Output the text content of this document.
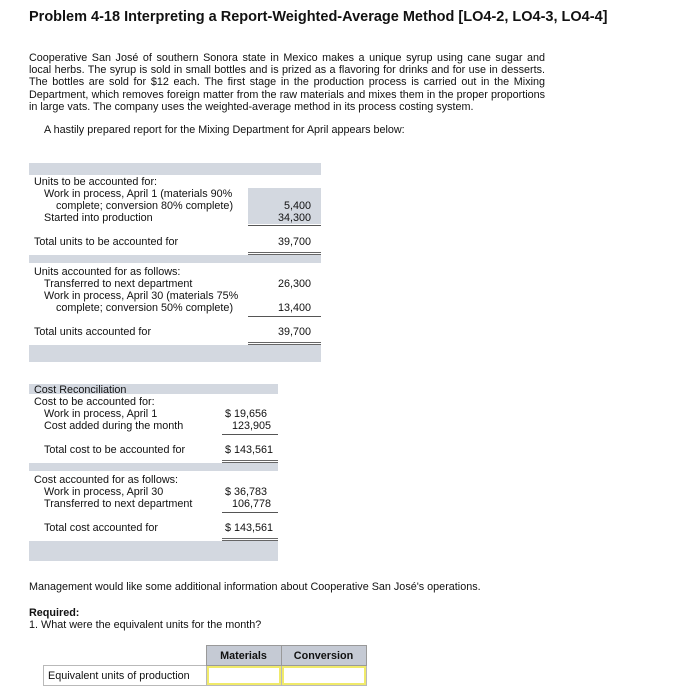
Problem 4-18 Interpreting a Report-Weighted-Average Method [LO4-2, LO4-3, LO4-4]
Cooperative San José of southern Sonora state in Mexico makes a unique syrup using cane sugar and local herbs. The syrup is sold in small bottles and is prized as a flavoring for drinks and for use in desserts. The bottles are sold for $12 each. The first stage in the production process is carried out in the Mixing Department, which removes foreign matter from the raw materials and mixes them in the proper proportions in large vats. The company uses the weighted-average method in its process costing system.
A hastily prepared report for the Mixing Department for April appears below:
Units to be accounted for:
Work in process, April 1 (materials 90%
complete; conversion 80% complete)	5,400
Started into production	34,300
Total units to be accounted for	39,700
Units accounted for as follows:
Transferred to next department	26,300
Work in process, April 30 (materials 75%
complete; conversion 50% complete)	13,400
Total units accounted for	39,700
Cost Reconciliation
Cost to be accounted for:
Work in process, April 1	$ 19,656
Cost added during the month	123,905
Total cost to be accounted for	$ 143,561
Cost accounted for as follows:
Work in process, April 30	$ 36,783
Transferred to next department	106,778
Total cost accounted for	$ 143,561
Management would like some additional information about Cooperative San José's operations.
Required:
1. What were the equivalent units for the month?
	Materials	Conversion
Equivalent units of production	
